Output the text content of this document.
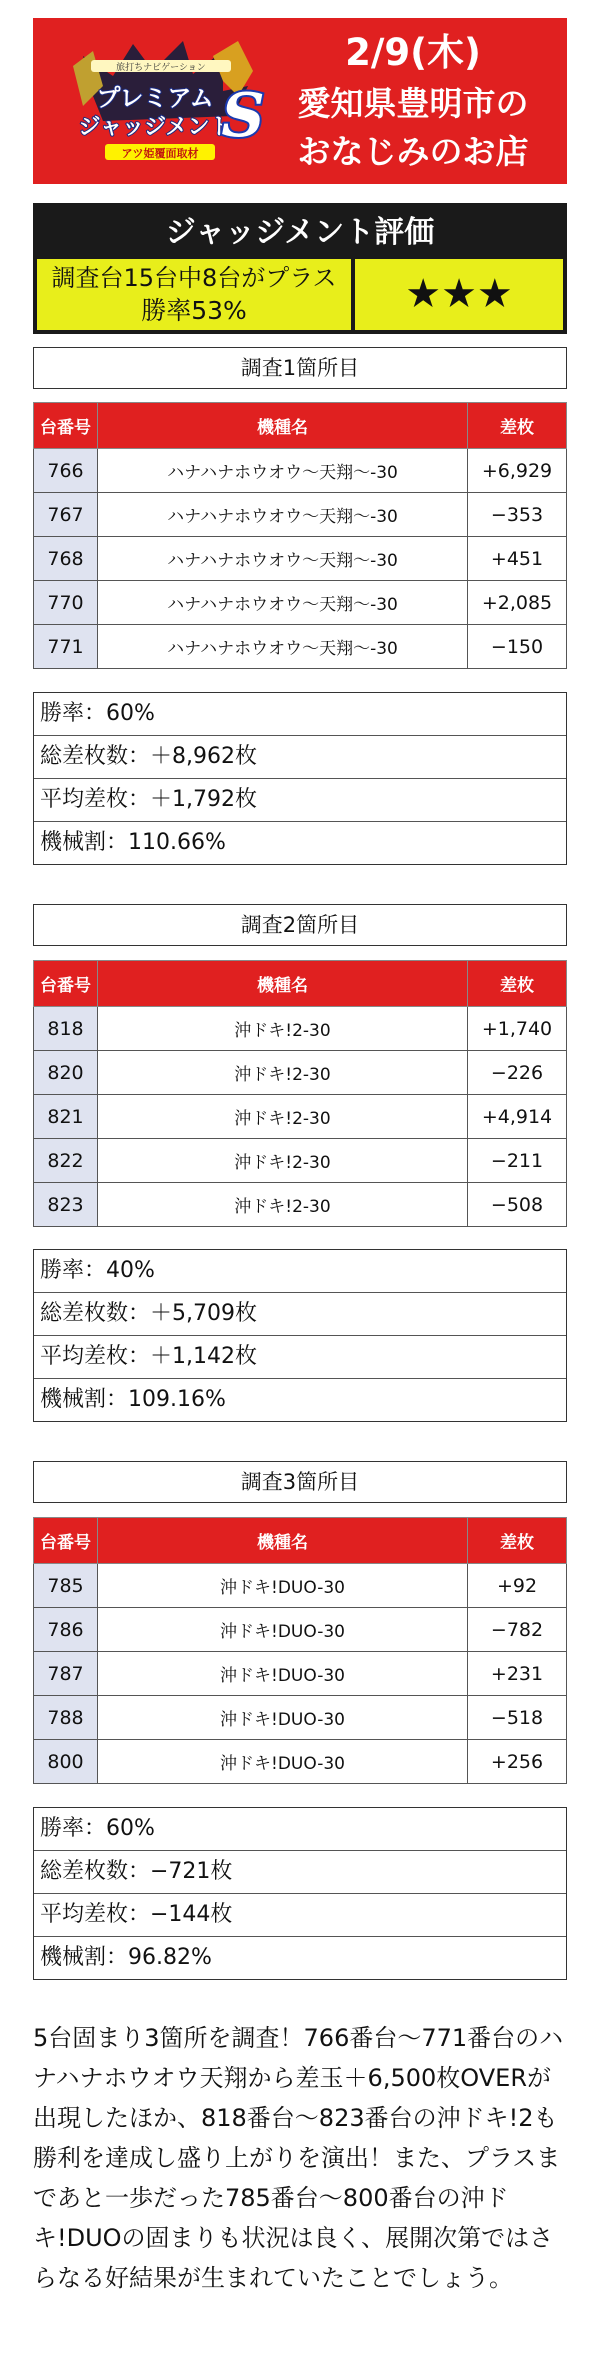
旅打ちナビゲーション
プレミアム
ジャッジメント
S
アツ姫覆面取材
2/9(木)
愛知県豊明市の
おなじみのお店
ジャッジメント評価
調査台15台中8台がプラス
勝率53%	★★★
調査1箇所目
台番号	機種名	差枚
766	ハナハナホウオウ〜天翔〜-30	+6,929
767	ハナハナホウオウ〜天翔〜-30	−353
768	ハナハナホウオウ〜天翔〜-30	+451
770	ハナハナホウオウ〜天翔〜-30	+2,085
771	ハナハナホウオウ〜天翔〜-30	−150
勝率：60%
総差枚数：＋8,962枚
平均差枚：＋1,792枚
機械割：110.66%
調査2箇所目
台番号	機種名	差枚
818	沖ドキ!2-30	+1,740
820	沖ドキ!2-30	−226
821	沖ドキ!2-30	+4,914
822	沖ドキ!2-30	−211
823	沖ドキ!2-30	−508
勝率：40%
総差枚数：＋5,709枚
平均差枚：＋1,142枚
機械割：109.16%
調査3箇所目
台番号	機種名	差枚
785	沖ドキ!DUO-30	+92
786	沖ドキ!DUO-30	−782
787	沖ドキ!DUO-30	+231
788	沖ドキ!DUO-30	−518
800	沖ドキ!DUO-30	+256
勝率：60%
総差枚数：−721枚
平均差枚：−144枚
機械割：96.82%
5台固まり3箇所を調査！766番台〜771番台のハナハナホウオウ天翔から差玉＋6,500枚OVERが出現したほか、818番台〜823番台の沖ドキ!2も勝利を達成し盛り上がりを演出！また、プラスまであと一歩だった785番台〜800番台の沖ドキ!DUOの固まりも状況は良く、展開次第ではさらなる好結果が生まれていたことでしょう。
